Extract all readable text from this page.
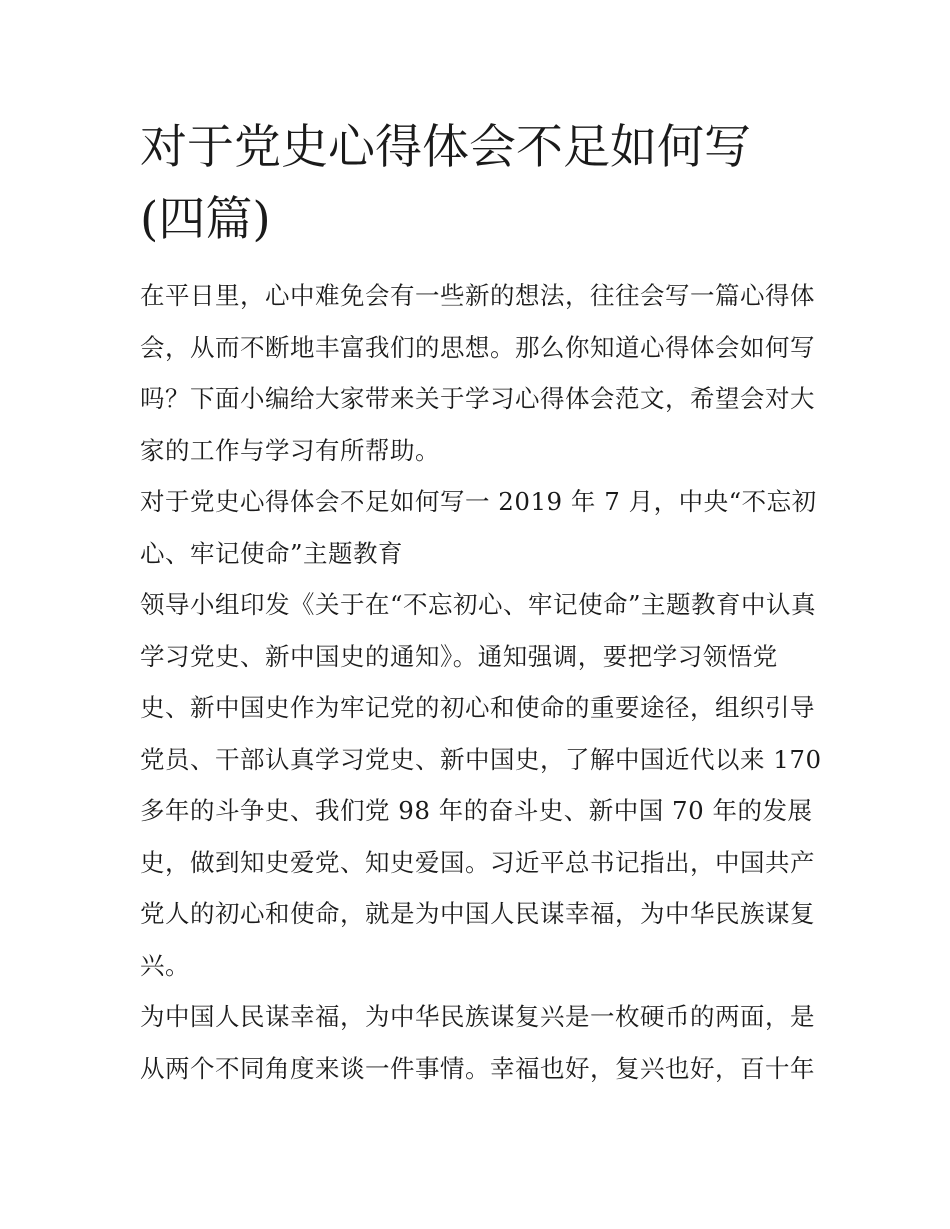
对于党史心得体会不足如何写
(四篇)
在平日里，心中难免会有一些新的想法，往往会写一篇心得体
会，从而不断地丰富我们的思想。那么你知道心得体会如何写
吗？下面小编给大家带来关于学习心得体会范文，希望会对大
家的工作与学习有所帮助。
对于党史心得体会不足如何写一 2019 年 7 月，中央“不忘初
心、牢记使命”主题教育
领导小组印发《关于在“不忘初心、牢记使命”主题教育中认真
学习党史、新中国史的通知》。通知强调，要把学习领悟党
史、新中国史作为牢记党的初心和使命的重要途径，组织引导
党员、干部认真学习党史、新中国史，了解中国近代以来 170
多年的斗争史、我们党 98 年的奋斗史、新中国 70 年的发展
史，做到知史爱党、知史爱国。习近平总书记指出，中国共产
党人的初心和使命，就是为中国人民谋幸福，为中华民族谋复
兴。
为中国人民谋幸福，为中华民族谋复兴是一枚硬币的两面，是
从两个不同角度来谈一件事情。幸福也好，复兴也好，百十年
